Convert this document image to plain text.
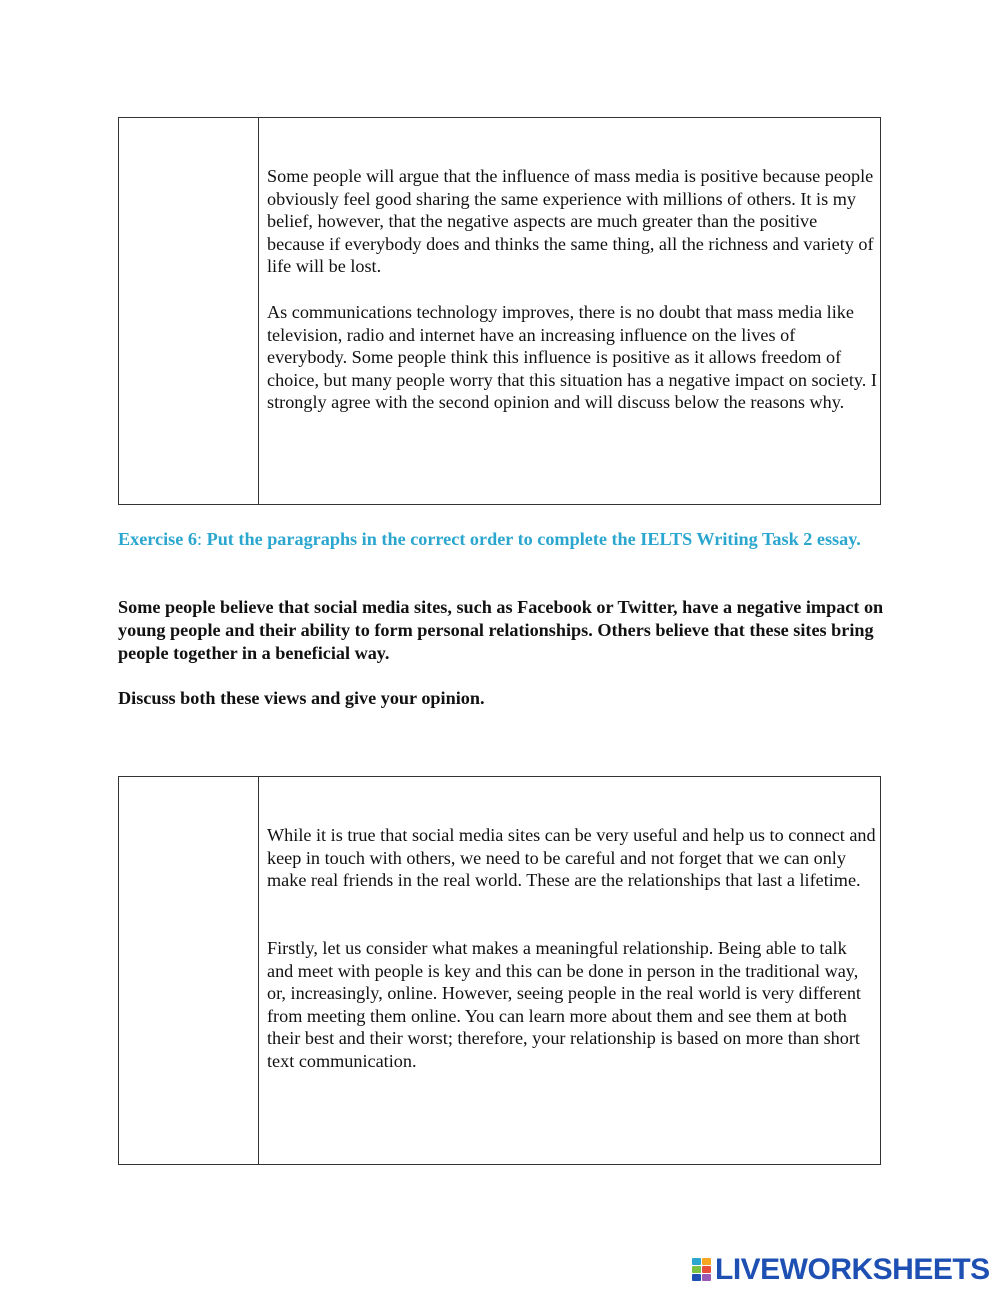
Some people will argue that the influence of mass media is positive because people obviously feel good sharing the same experience with millions of others. It is my belief, however, that the negative aspects are much greater than the positive because if everybody does and thinks the same thing, all the richness and variety of life will be lost.

As communications technology improves, there is no doubt that mass media like television, radio and internet have an increasing influence on the lives of everybody. Some people think this influence is positive as it allows freedom of choice, but many people worry that this situation has a negative impact on society. I strongly agree with the second opinion and will discuss below the reasons why.

Exercise 6: Put the paragraphs in the correct order to complete the IELTS Writing Task 2 essay.

Some people believe that social media sites, such as Facebook or Twitter, have a negative impact on young people and their ability to form personal relationships. Others believe that these sites bring people together in a beneficial way.

Discuss both these views and give your opinion.

While it is true that social media sites can be very useful and help us to connect and keep in touch with others, we need to be careful and not forget that we can only make real friends in the real world. These are the relationships that last a lifetime.

Firstly, let us consider what makes a meaningful relationship. Being able to talk and meet with people is key and this can be done in person in the traditional way, or, increasingly, online. However, seeing people in the real world is very different from meeting them online. You can learn more about them and see them at both their best and their worst; therefore, your relationship is based on more than short text communication.

LIVEWORKSHEETS
